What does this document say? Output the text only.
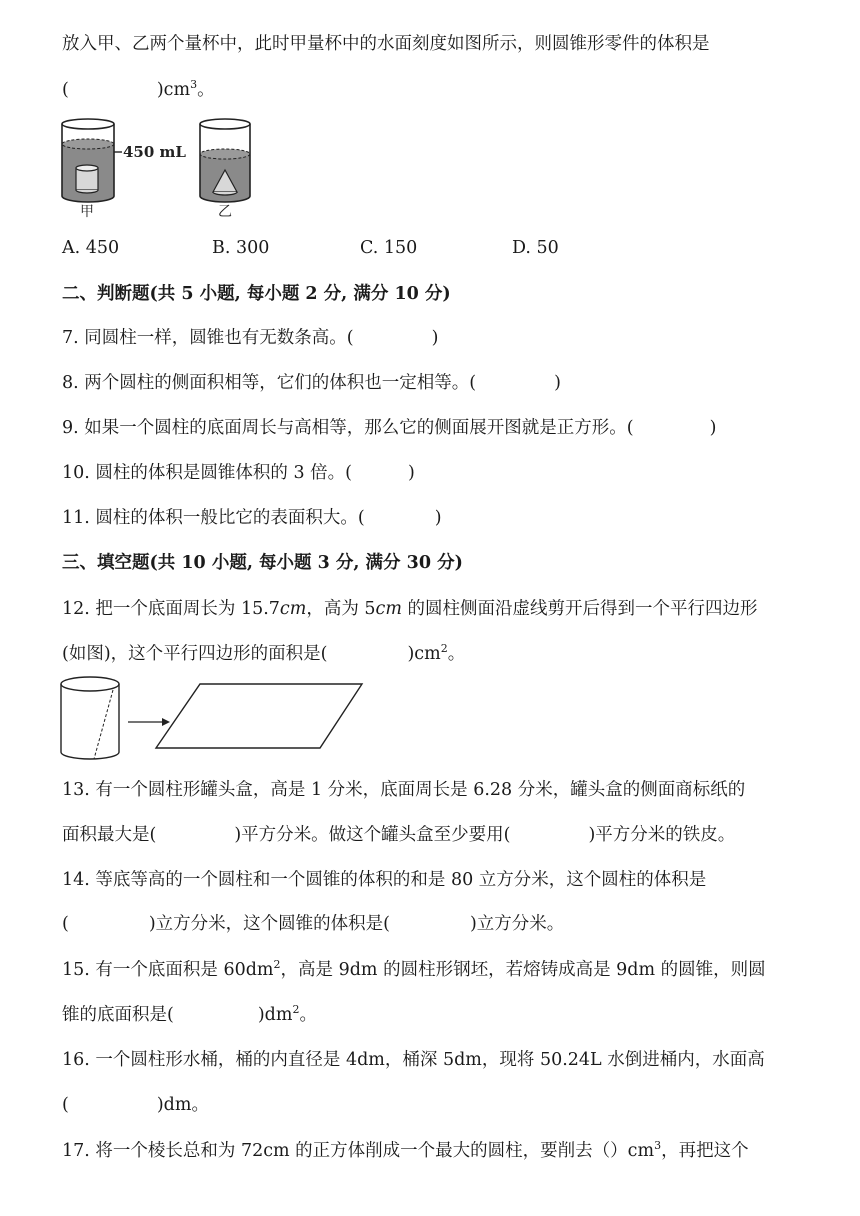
放入甲、乙两个量杯中，此时甲量杯中的水面刻度如图所示，则圆锥形零件的体积是
(	)$cm^3$。
450 mL
甲	乙
A. 450	B. 300	C. 150	D. 50
二、判断题(共 5 小题, 每小题 2 分, 满分 10 分)
7. 同圆柱一样，圆锥也有无数条高。(	)
8. 两个圆柱的侧面积相等，它们的体积也一定相等。(	)
9. 如果一个圆柱的底面周长与高相等，那么它的侧面展开图就是正方形。(	)
10. 圆柱的体积是圆锥体积的 3 倍。(	)
11. 圆柱的体积一般比它的表面积大。(	)
三、填空题(共 10 小题, 每小题 3 分, 满分 30 分)
12. 把一个底面周长为 15.7cm，高为 5cm 的圆柱侧面沿虚线剪开后得到一个平行四边形
(如图)，这个平行四边形的面积是(	)$cm^2$。
13. 有一个圆柱形罐头盒，高是 1 分米，底面周长是 6.28 分米，罐头盒的侧面商标纸的
面积最大是(	)平方分米。做这个罐头盒至少要用(	)平方分米的铁皮。
14. 等底等高的一个圆柱和一个圆锥的体积的和是 80 立方分米，这个圆柱的体积是
(	)立方分米，这个圆锥的体积是(	)立方分米。
15. 有一个底面积是 $60dm^2$，高是 9dm 的圆柱形钢坯，若熔铸成高是 9dm 的圆锥，则圆
锥的底面积是(	)$dm^2$。
16. 一个圆柱形水桶，桶的内直径是 4dm，桶深 5dm，现将 50.24L 水倒进桶内，水面高
(	)dm。
17. 将一个棱长总和为 72cm 的正方体削成一个最大的圆柱，要削去$()cm^3$，再把这个
